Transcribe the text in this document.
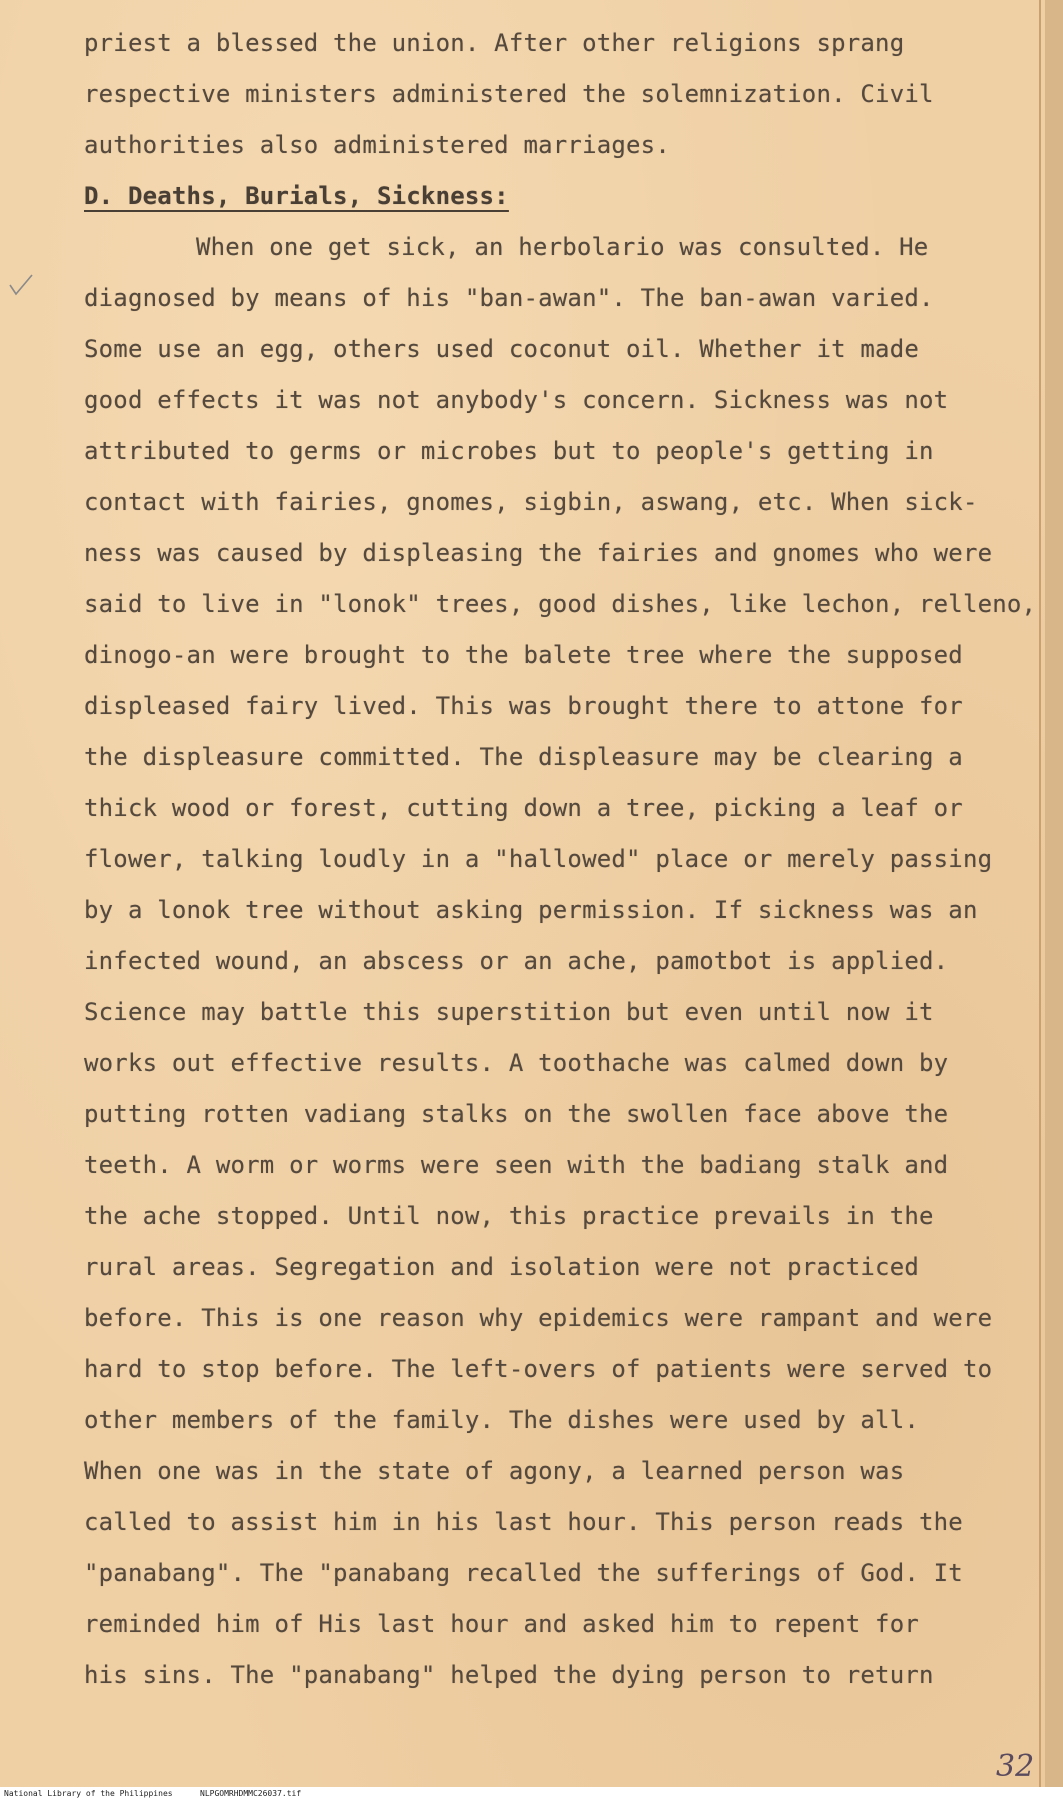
priest a blessed the union. After other religions sprang
respective ministers administered the solemnization. Civil
authorities also administered marriages.
D. Deaths, Burials, Sickness:
When one get sick, an herbolario was consulted. He
diagnosed by means of his "ban-awan". The ban-awan varied.
Some use an egg, others used coconut oil. Whether it made
good effects it was not anybody's concern. Sickness was not
attributed to germs or microbes but to people's getting in
contact with fairies, gnomes, sigbin, aswang, etc. When sick-
ness was caused by displeasing the fairies and gnomes who were
said to live in "lonok" trees, good dishes, like lechon, relleno,
dinogo-an were brought to the balete tree where the supposed
displeased fairy lived. This was brought there to attone for
the displeasure committed. The displeasure may be clearing a
thick wood or forest, cutting down a tree, picking a leaf or
flower, talking loudly in a "hallowed" place or merely passing
by a lonok tree without asking permission. If sickness was an
infected wound, an abscess or an ache, pamotbot is applied.
Science may battle this superstition but even until now it
works out effective results. A toothache was calmed down by
putting rotten vadiang stalks on the swollen face above the
teeth. A worm or worms were seen with the badiang stalk and
the ache stopped. Until now, this practice prevails in the
rural areas. Segregation and isolation were not practiced
before. This is one reason why epidemics were rampant and were
hard to stop before. The left-overs of patients were served to
other members of the family. The dishes were used by all.
When one was in the state of agony, a learned person was
called to assist him in his last hour. This person reads the
"panabang". The "panabang recalled the sufferings of God. It
reminded him of His last hour and asked him to repent for
his sins. The "panabang" helped the dying person to return
32
National Library of the Philippines	NLPGOMRHDMMC26037.tif
